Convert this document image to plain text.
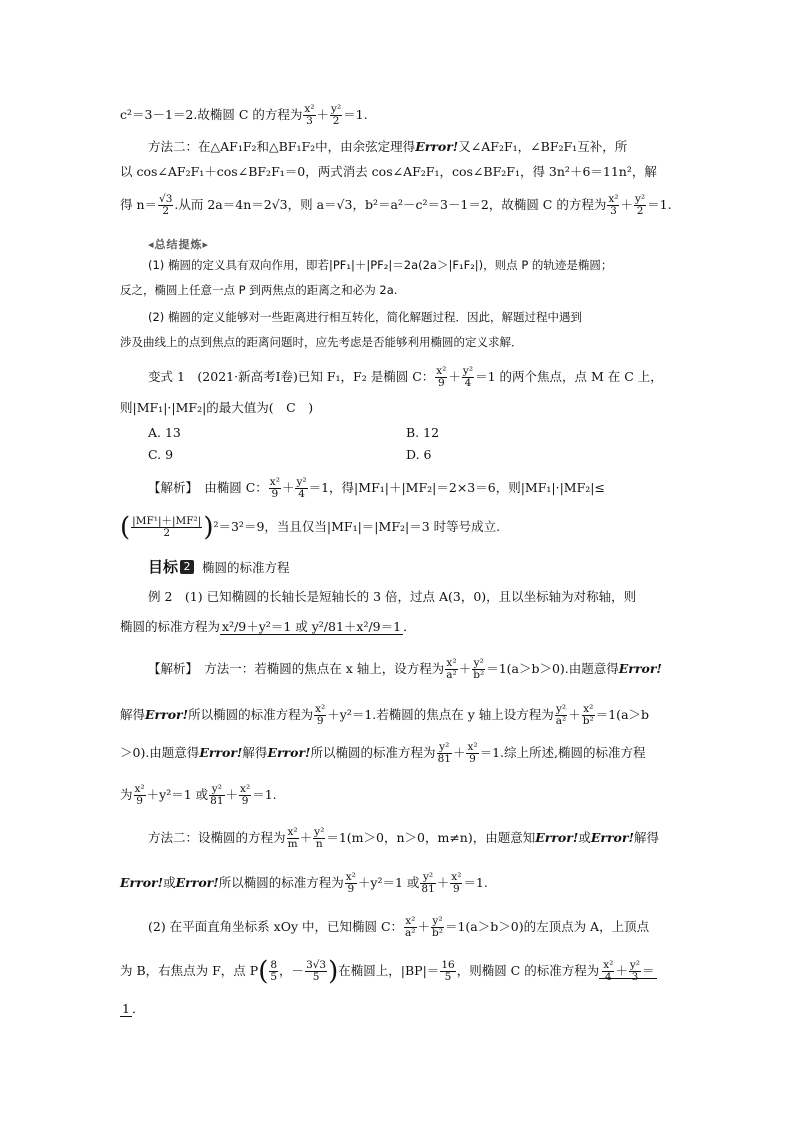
c²＝3－1＝2.故椭圆 C 的方程为 $\frac{\text{x²}}{3} + \frac{\text{y²}}{2} =1$.
方法二：在△AF₁F₂和△BF₁F₂中，由余弦定理得Error!又∠AF₂F₁，∠BF₂F₁互补，所
以 cos∠AF₂F₁＋cos∠BF₂F₁＝0，两式消去 cos∠AF₂F₁，cos∠BF₂F₁，得 3n²＋6＝11n²，解
得 $n= \frac{√3}{2}$ .从而 2a＝4n＝2√3，则 a＝√3，b²＝a²－c²＝3－1＝2，故椭圆 C 的方程为 $\frac{\text{x²}}{3} + \frac{\text{y²}}{2} =1$.
◂总结提炼▸
(1) 椭圆的定义具有双向作用，即若|PF₁|＋|PF₂|＝2a(2a＞|F₁F₂|)，则点 P 的轨迹是椭圆；
反之，椭圆上任意一点 P 到两焦点的距离之和必为 2a.
(2) 椭圆的定义能够对一些距离进行相互转化，简化解题过程．因此，解题过程中遇到
涉及曲线上的点到焦点的距离问题时，应先考虑是否能够利用椭圆的定义求解．
变式 1　(2021·新高考Ⅰ卷)已知 F₁，F₂ 是椭圆 C： $\frac{\text{x²}}{9} + \frac{\text{y²}}{4} =1$ 的两个焦点，点 M 在 C 上，
则|MF₁|·|MF₂|的最大值为(　C　)
A. 13	B. 12
C. 9	D. 6
【解析】　由椭圆 C： $\frac{\text{x²}}{9} + \frac{\text{y²}}{4} =1$，得|MF₁|＋|MF₂|＝2×3＝6，则|MF₁|·|MF₂|≤
( $\frac{\text{|MF¹|＋|MF²|}}{2} )^2=3^2=9$，当且仅当|MF₁|＝|MF₂|＝3 时等号成立.
目标 2 椭圆的标准方程
例 2　(1) 已知椭圆的长轴长是短轴长的 3 倍，过点 A(3，0)，且以坐标轴为对称轴，则
椭圆的标准方程为 x²/9＋y²＝1 或 y²/81＋x²/9＝1 ．
【解析】　方法一：若椭圆的焦点在 x 轴上，设方程为 $\frac{\text{x²}}{\text{a²}} + \frac{\text{y²}}{\text{b²}} =1(a>b>0)$.由题意得Error!
解得Error!所以椭圆的标准方程为 $\frac{\text{x²}}{9} +y^2=1$.若椭圆的焦点在 y 轴上设方程为 $\frac{\text{y²}}{\text{a²}} + \frac{\text{x²}}{\text{b²}} =1(a>b$
＞0).由题意得Error!解得Error!所以椭圆的标准方程为 $\frac{\text{y²}}{81} + \frac{\text{x²}}{9} =1$.综上所述,椭圆的标准方程
为 $\frac{\text{x²}}{9} +y^2=1$ 或 $\frac{\text{y²}}{81} + \frac{\text{x²}}{9} =1$.
方法二：设椭圆的方程为 $\frac{\text{x²}}{m} + \frac{\text{y²}}{n} =1(m>0$，n＞0，m≠n)，由题意知Error!或Error!解得
Error!或Error!所以椭圆的标准方程为 $\frac{\text{x²}}{9} +y^2=1$ 或 $\frac{\text{y²}}{81} + \frac{\text{x²}}{9} =1$.
(2) 在平面直角坐标系 xOy 中，已知椭圆 C： $\frac{\text{x²}}{\text{a²}} + \frac{\text{y²}}{\text{b²}} =1(a>b>0)$的左顶点为 A，上顶点
为 B，右焦点为 F，点 $P( \frac{8}{5}$ ，－ $\frac{3√3}{5}$ )在椭圆上，$|BP|= \frac{16}{5}$ ，则椭圆 C 的标准方程为 $\frac{\text{x²}}{4} + \frac{\text{y²}}{3}$ ＝
1 ．
